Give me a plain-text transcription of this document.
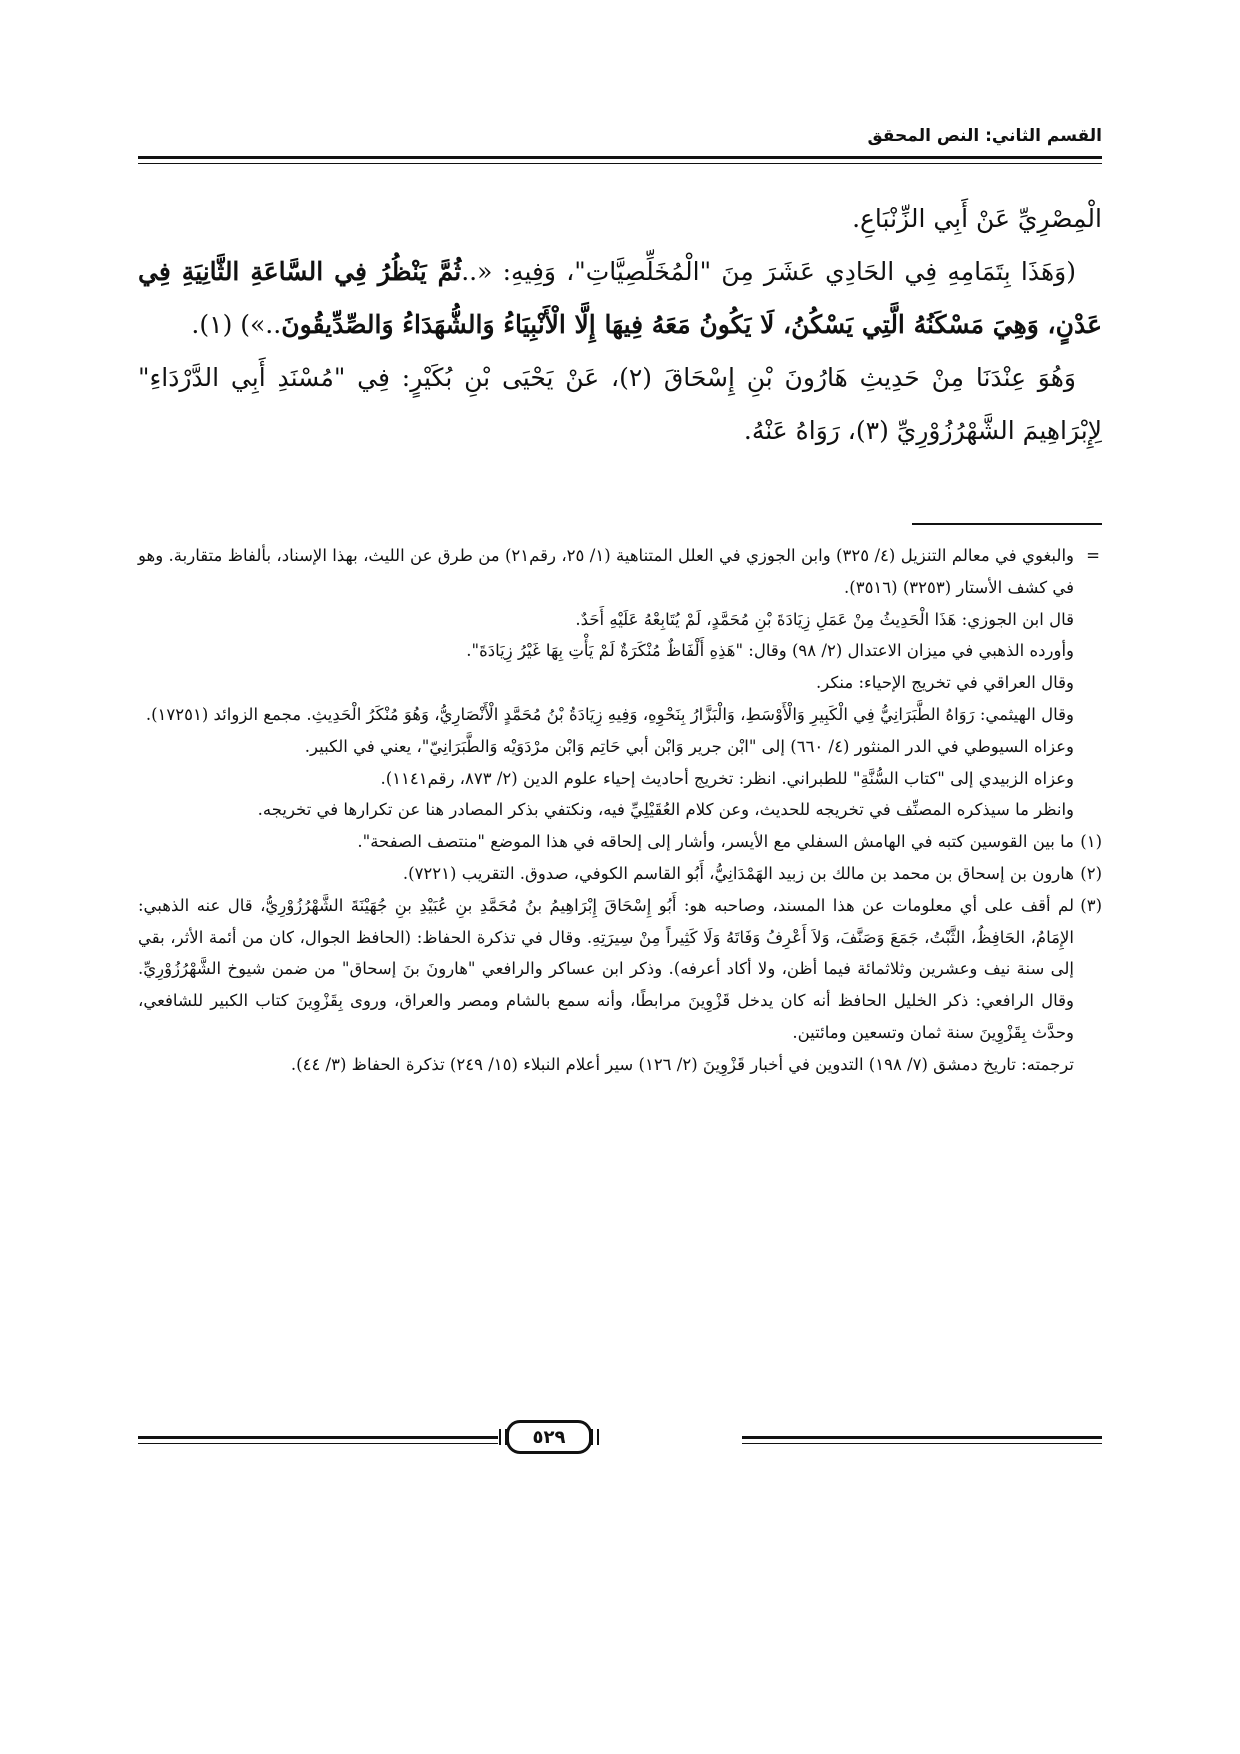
القسم الثاني: النص المحقق

الْمِصْرِيِّ عَنْ أَبِي الزِّنْبَاعِ.

(وَهَذَا بِتَمَامِهِ فِي الحَادِي عَشَرَ مِنَ "الْمُخَلِّصِيَّاتِ"، وَفِيهِ: «..ثُمَّ يَنْظُرُ فِي السَّاعَةِ الثَّانِيَةِ فِي عَدْنٍ، وَهِيَ مَسْكَنُهُ الَّتِي يَسْكُنُ، لَا يَكُونُ مَعَهُ فِيهَا إِلَّا الْأَنْبِيَاءُ وَالشُّهَدَاءُ وَالصِّدِّيقُونَ..») (١).

وَهُوَ عِنْدَنَا مِنْ حَدِيثِ هَارُونَ بْنِ إِسْحَاقَ (٢)، عَنْ يَحْيَى بْنِ بُكَيْرٍ: فِي "مُسْنَدِ أَبِي الدَّرْدَاءِ" لِإِبْرَاهِيمَ الشَّهْرُزُوْرِيِّ (٣)، رَوَاهُ عَنْهُ.

=
والبغوي في معالم التنزيل (٤/ ٣٢٥) وابن الجوزي في العلل المتناهية (١/ ٢٥، رقم٢١) من طرق عن الليث، بهذا الإسناد، بألفاظ متقاربة. وهو في كشف الأستار (٣٢٥٣) (٣٥١٦).

قال ابن الجوزي: هَذَا الْحَدِيثُ مِنْ عَمَلِ زِيَادَةَ بْنِ مُحَمَّدٍ، لَمْ يُتَابِعْهُ عَلَيْهِ أَحَدٌ.

وأورده الذهبي في ميزان الاعتدال (٢/ ٩٨) وقال: "هَذِهِ أَلْفَاظٌ مُنْكَرَةٌ لَمْ يَأْتِ بِهَا غَيْرُ زِيَادَةَ".

وقال العراقي في تخريج الإحياء: منكر.

وقال الهيثمي: رَوَاهُ الطَّبَرَانِيُّ فِي الْكَبِيرِ وَالْأَوْسَطِ، وَالْبَزَّارُ بِنَحْوِهِ، وَفِيهِ زِيَادَةُ بْنُ مُحَمَّدٍ الْأَنْصَارِيُّ، وَهُوَ مُنْكَرُ الْحَدِيثِ. مجمع الزوائد (١٧٢٥١).

وعزاه السيوطي في الدر المنثور (٤/ ٦٦٠) إلى "ابْن جرير وَابْن أبي حَاتِم وَابْن مرْدَوَيْه وَالطَّبَرَانِيّ"، يعني في الكبير.

وعزاه الزبيدي إلى "كتاب السُّنَّةِ" للطبراني. انظر: تخريج أحاديث إحياء علوم الدين (٢/ ٨٧٣، رقم١١٤١).

وانظر ما سيذكره المصنِّف في تخريجه للحديث، وعن كلام العُقَيْلِيِّ فيه، ونكتفي بذكر المصادر هنا عن تكرارها في تخريجه.

(١)
ما بين القوسين كتبه في الهامش السفلي مع الأيسر، وأشار إلى إلحاقه في هذا الموضع "منتصف الصفحة".

(٢)
هارون بن إسحاق بن محمد بن مالك بن زبيد الهَمْدَانِيُّ، أَبُو القاسم الكوفي، صدوق. التقريب (٧٢٢١).

(٣)
لم أقف على أي معلومات عن هذا المسند، وصاحبه هو: أَبُو إِسْحَاقَ إِبْرَاهِيمُ بنُ مُحَمَّدِ بنِ عُبَيْدِ بنِ جُهَيْنَةَ الشَّهْرُزُوْرِيُّ، قال عنه الذهبي: الإِمَامُ، الحَافِظُ، الثَّبْتُ، جَمَعَ وَصَنَّفَ، وَلاَ أَعْرِفُ وَفَاتَهُ وَلَا كَثِيراً مِنْ سِيرَتِهِ. وقال في تذكرة الحفاظ: (الحافظ الجوال، كان من أئمة الأثر، بقي إلى سنة نيف وعشرين وثلاثمائة فيما أظن، ولا أكاد أعرفه). وذكر ابن عساكر والرافعي "هارونَ بنَ إسحاق" من ضمن شيوخ الشَّهْرُزُوْرِيِّ. وقال الرافعي: ذكر الخليل الحافظ أنه كان يدخل قَزْوِينَ مرابطًا، وأنه سمع بالشام ومصر والعراق، وروى بِقَزْوِينَ كتاب الكبير للشافعي، وحدَّث بِقَزْوِينَ سنة ثمان وتسعين ومائتين.

ترجمته: تاريخ دمشق (٧/ ١٩٨) التدوين في أخبار قَزْوِينَ (٢/ ١٢٦) سير أعلام النبلاء (١٥/ ٢٤٩) تذكرة الحفاظ (٣/ ٤٤).

٥٢٩
